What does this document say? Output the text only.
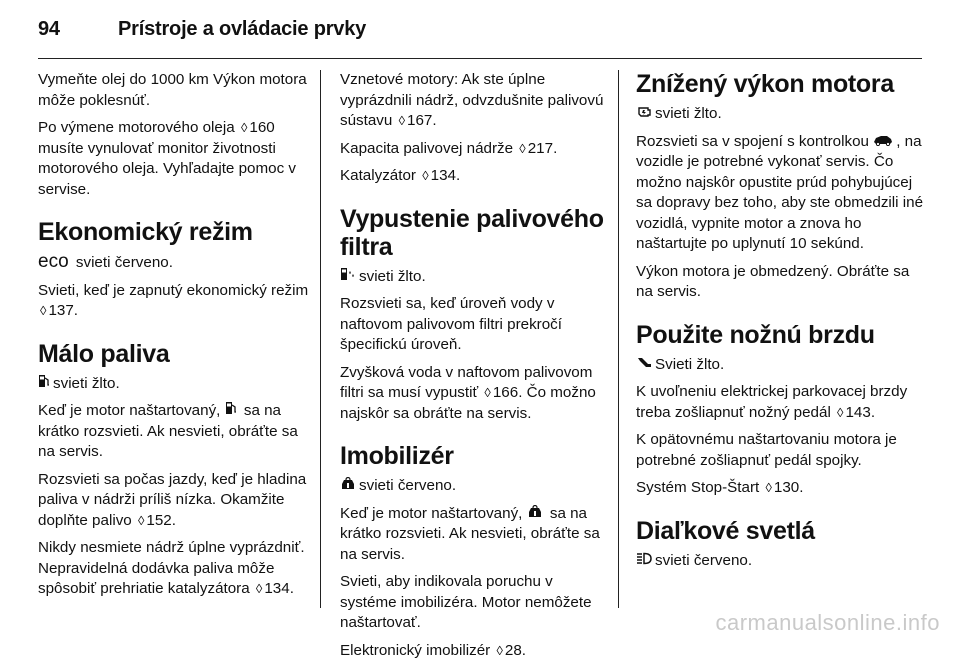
94	Prístroje a ovládacie prvky

Vymeňte olej do 1000 km Výkon motora môže poklesnúť.

Po výmene motorového oleja ◊ 160 musíte vynulovať monitor životnosti motorového oleja. Vyhľadajte pomoc v servise.

Ekonomický režim

eco svieti červeno.

Svieti, keď je zapnutý ekonomický režim ◊ 137.

Málo paliva

svieti žlto.

Keď je motor naštartovaný,  sa na krátko rozsvieti. Ak nesvieti, obráťte sa na servis.

Rozsvieti sa počas jazdy, keď je hladina paliva v nádrži príliš nízka. Okamžite doplňte palivo ◊ 152.

Nikdy nesmiete nádrž úplne vyprázdniť. Nepravidelná dodávka paliva môže spôsobiť prehriatie katalyzátora ◊ 134.

Vznetové motory: Ak ste úplne vyprázdnili nádrž, odvzdušnite palivovú sústavu ◊ 167.

Kapacita palivovej nádrže ◊ 217.

Katalyzátor ◊ 134.

Vypustenie palivového filtra

svieti žlto.

Rozsvieti sa, keď úroveň vody v naftovom palivovom filtri prekročí špecifickú úroveň.

Zvyšková voda v naftovom palivovom filtri sa musí vypustiť ◊ 166. Čo možno najskôr sa obráťte na servis.

Imobilizér

svieti červeno.

Keď je motor naštartovaný,  sa na krátko rozsvieti. Ak nesvieti, obráťte sa na servis.

Svieti, aby indikovala poruchu v systéme imobilizéra. Motor nemôžete naštartovať.

Elektronický imobilizér ◊ 28.

Znížený výkon motora

svieti žlto.

Rozsvieti sa v spojení s kontrolkou , na vozidle je potrebné vykonať servis. Čo možno najskôr opustite prúd pohybujúcej sa dopravy bez toho, aby ste obmedzili iné vozidlá, vypnite motor a znova ho naštartujte po uplynutí 10 sekúnd.

Výkon motora je obmedzený. Obráťte sa na servis.

Použite nožnú brzdu

Svieti žlto.

K uvoľneniu elektrickej parkovacej brzdy treba zošliapnuť nožný pedál ◊ 143.

K opätovnému naštartovaniu motora je potrebné zošliapnuť pedál spojky.

Systém Stop-Štart ◊ 130.

Diaľkové svetlá

svieti červeno.

carmanualsonline.info
